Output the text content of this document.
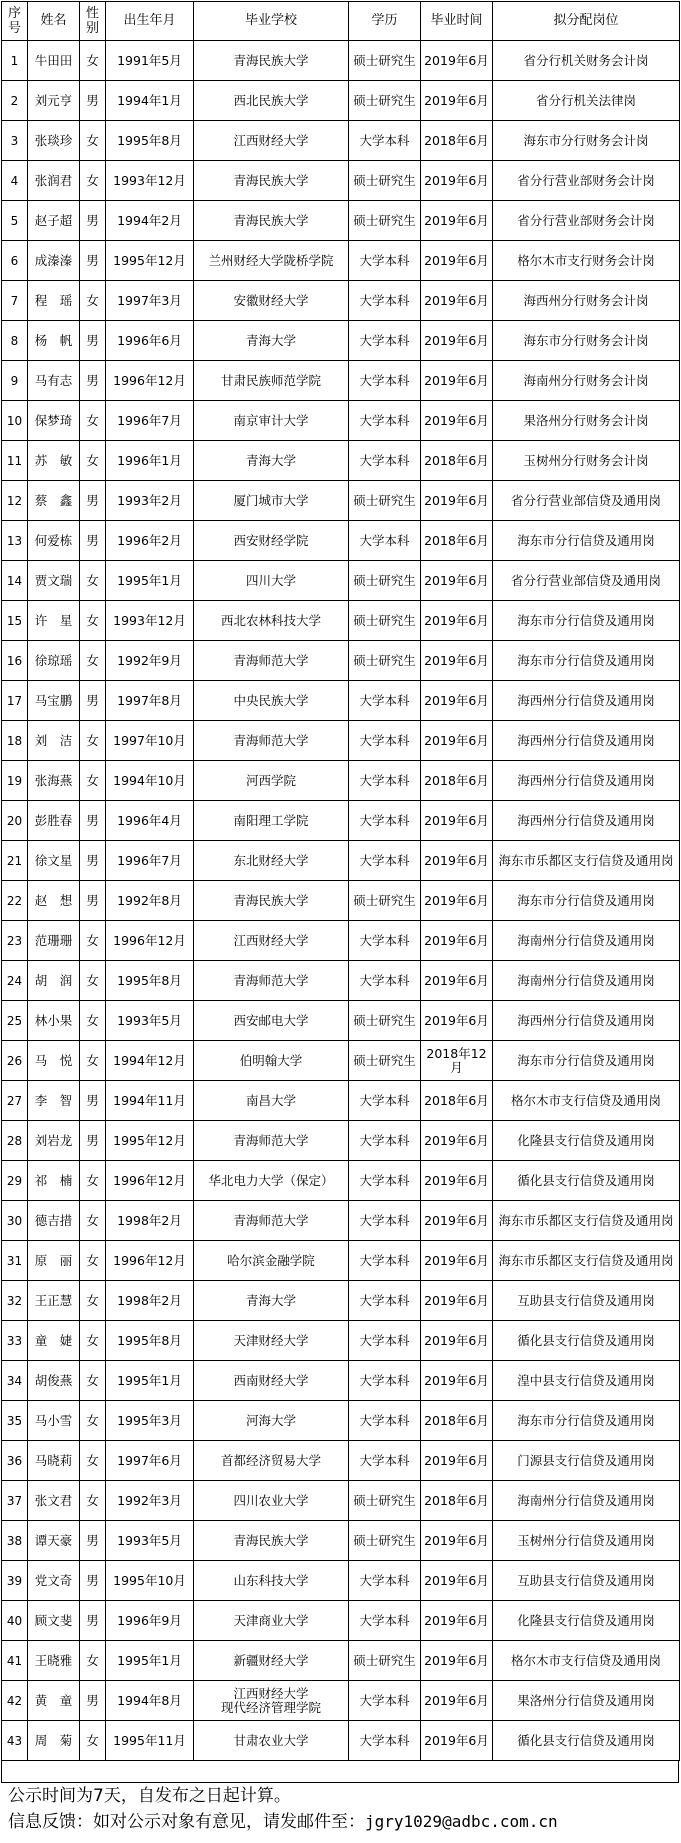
序号	姓名	性别	出生年月	毕业学校	学历	毕业时间	拟分配岗位
1	牛田田	女	1991年5月	青海民族大学	硕士研究生	2019年6月	省分行机关财务会计岗
2	刘元亨	男	1994年1月	西北民族大学	硕士研究生	2019年6月	省分行机关法律岗
3	张琰珍	女	1995年8月	江西财经大学	大学本科	2018年6月	海东市分行财务会计岗
4	张润君	女	1993年12月	青海民族大学	硕士研究生	2019年6月	省分行营业部财务会计岗
5	赵子超	男	1994年2月	青海民族大学	硕士研究生	2019年6月	省分行营业部财务会计岗
6	成溱溱	男	1995年12月	兰州财经大学陇桥学院	大学本科	2019年6月	格尔木市支行财务会计岗
7	程　瑶	女	1997年3月	安徽财经大学	大学本科	2019年6月	海西州分行财务会计岗
8	杨　帆	男	1996年6月	青海大学	大学本科	2019年6月	海东市分行财务会计岗
9	马有志	男	1996年12月	甘肃民族师范学院	大学本科	2019年6月	海南州分行财务会计岗
10	保梦琦	女	1996年7月	南京审计大学	大学本科	2019年6月	果洛州分行财务会计岗
11	苏　敏	女	1996年1月	青海大学	大学本科	2018年6月	玉树州分行财务会计岗
12	蔡　鑫	男	1993年2月	厦门城市大学	硕士研究生	2019年6月	省分行营业部信贷及通用岗
13	何爱栋	男	1996年2月	西安财经学院	大学本科	2018年6月	海东市分行信贷及通用岗
14	贾文瑞	女	1995年1月	四川大学	硕士研究生	2019年6月	省分行营业部信贷及通用岗
15	许　星	女	1993年12月	西北农林科技大学	硕士研究生	2019年6月	海东市分行信贷及通用岗
16	徐琼瑶	女	1992年9月	青海师范大学	硕士研究生	2019年6月	海东市分行信贷及通用岗
17	马宝鹏	男	1997年8月	中央民族大学	大学本科	2019年6月	海西州分行信贷及通用岗
18	刘　洁	女	1997年10月	青海师范大学	大学本科	2019年6月	海西州分行信贷及通用岗
19	张海燕	女	1994年10月	河西学院	大学本科	2018年6月	海西州分行信贷及通用岗
20	彭胜春	男	1996年4月	南阳理工学院	大学本科	2019年6月	海西州分行信贷及通用岗
21	徐文星	男	1996年7月	东北财经大学	大学本科	2019年6月	海东市乐都区支行信贷及通用岗
22	赵　想	男	1992年8月	青海民族大学	硕士研究生	2019年6月	海东市分行信贷及通用岗
23	范珊珊	女	1996年12月	江西财经大学	大学本科	2019年6月	海南州分行信贷及通用岗
24	胡　润	女	1995年8月	青海师范大学	大学本科	2019年6月	海南州分行信贷及通用岗
25	林小果	女	1993年5月	西安邮电大学	硕士研究生	2019年6月	海西州分行信贷及通用岗
26	马　悦	女	1994年12月	伯明翰大学	硕士研究生	2018年12月	海东市分行信贷及通用岗
27	李　智	男	1994年11月	南昌大学	大学本科	2018年6月	格尔木市支行信贷及通用岗
28	刘岩龙	男	1995年12月	青海师范大学	大学本科	2019年6月	化隆县支行信贷及通用岗
29	祁　楠	女	1996年12月	华北电力大学（保定）	大学本科	2019年6月	循化县支行信贷及通用岗
30	德吉措	女	1998年2月	青海师范大学	大学本科	2019年6月	海东市乐都区支行信贷及通用岗
31	原　丽	女	1996年12月	哈尔滨金融学院	大学本科	2019年6月	海东市乐都区支行信贷及通用岗
32	王正慧	女	1998年2月	青海大学	大学本科	2019年6月	互助县支行信贷及通用岗
33	童　婕	女	1995年8月	天津财经大学	大学本科	2019年6月	循化县支行信贷及通用岗
34	胡俊燕	女	1995年1月	西南财经大学	大学本科	2019年6月	湟中县支行信贷及通用岗
35	马小雪	女	1995年3月	河海大学	大学本科	2018年6月	海东市分行信贷及通用岗
36	马晓莉	女	1997年6月	首都经济贸易大学	大学本科	2019年6月	门源县支行信贷及通用岗
37	张文君	女	1992年3月	四川农业大学	硕士研究生	2018年6月	海南州分行信贷及通用岗
38	谭天豪	男	1993年5月	青海民族大学	硕士研究生	2019年6月	玉树州分行信贷及通用岗
39	党文奇	男	1995年10月	山东科技大学	大学本科	2019年6月	互助县支行信贷及通用岗
40	顾文斐	男	1996年9月	天津商业大学	大学本科	2019年6月	化隆县支行信贷及通用岗
41	王晓雅	女	1995年1月	新疆财经大学	硕士研究生	2019年6月	格尔木市支行信贷及通用岗
42	黄　童	男	1994年8月	江西财经大学
现代经济管理学院	大学本科	2019年6月	果洛州分行信贷及通用岗
43	周　菊	女	1995年11月	甘肃农业大学	大学本科	2019年6月	循化县支行信贷及通用岗
公示时间为7天，自发布之日起计算。
信息反馈：如对公示对象有意见，请发邮件至：jgry1029@adbc.com.cn
